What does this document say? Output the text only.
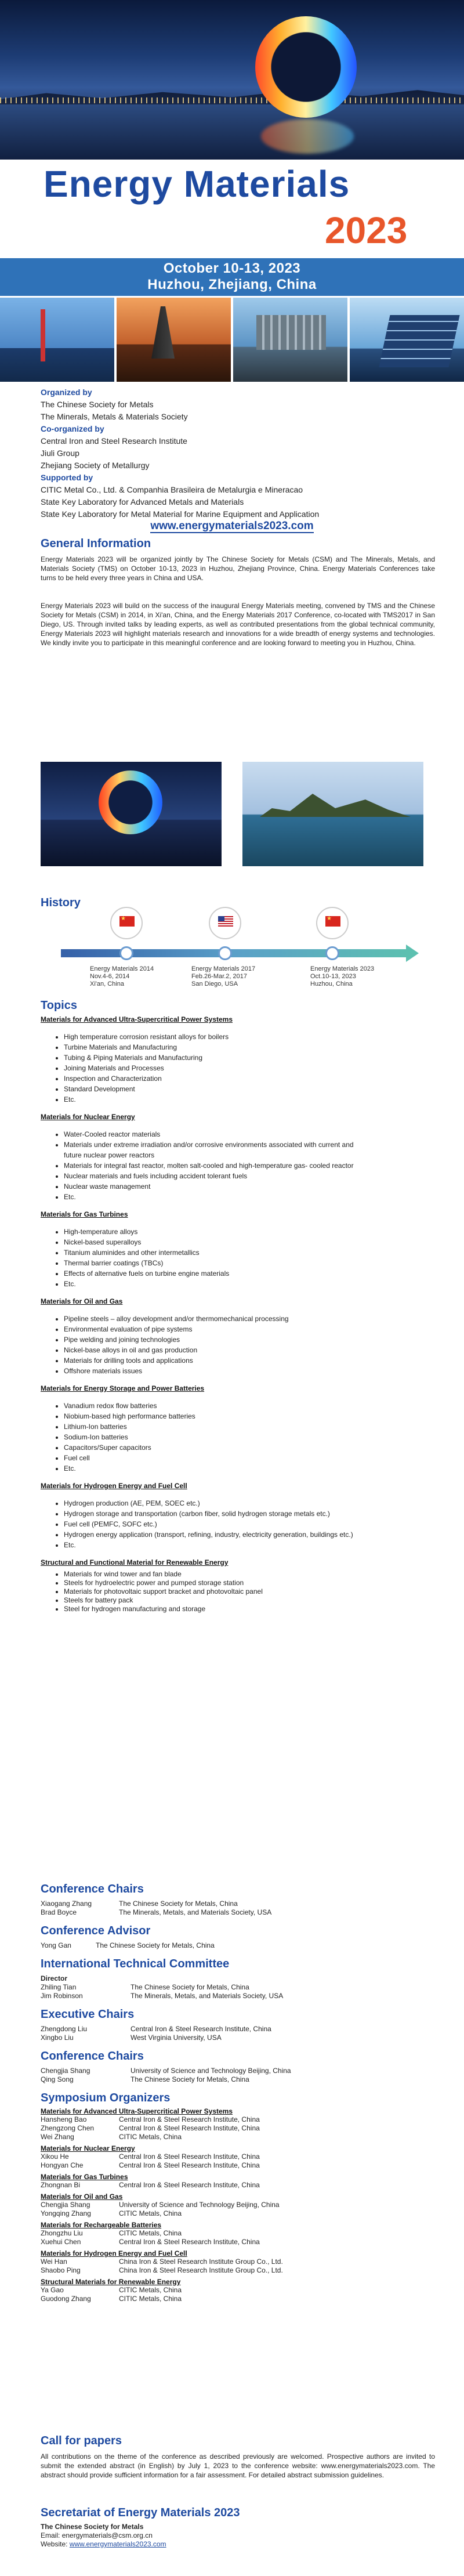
Energy Materials
2023
October 10-13, 2023
Huzhou, Zhejiang, China
Organized by
The Chinese Society for Metals
The Minerals, Metals & Materials Society
Co-organized by
Central Iron and Steel Research Institute
Jiuli Group
Zhejiang Society of Metallurgy
Supported by
CITIC Metal Co., Ltd. & Companhia Brasileira de Metalurgia e Mineracao
State Key Laboratory for Advanced Metals and Materials
State Key Laboratory for Metal Material for Marine Equipment and Application
www.energymaterials2023.com
General Information
Energy Materials 2023 will be organized jointly by The Chinese Society for Metals (CSM) and The Minerals, Metals, and Materials Society (TMS) on October 10-13, 2023 in Huzhou, Zhejiang Province, China. Energy Materials Conferences take turns to be held every three years in China and USA.
Energy Materials 2023 will build on the success of the inaugural Energy Materials meeting, convened by TMS and the Chinese Society for Metals (CSM) in 2014, in Xi'an, China, and the Energy Materials 2017 Conference, co-located with TMS2017 in San Diego, US. Through invited talks by leading experts, as well as contributed presentations from the global technical community, Energy Materials 2023 will highlight materials research and innovations for a wide breadth of energy systems and technologies. We kindly invite you to participate in this meaningful conference and are looking forward to meeting you in Huzhou, China.
History
★
★
Energy Materials 2014
Nov.4-6, 2014
Xi'an, China
Energy Materials 2017
Feb.26-Mar.2, 2017
San Diego, USA
Energy Materials 2023
Oct.10-13, 2023
Huzhou, China
Topics
Materials for Advanced Ultra-Supercritical Power Systems
• High temperature corrosion resistant alloys for boilers
• Turbine Materials and Manufacturing
• Tubing & Piping Materials and Manufacturing
• Joining Materials and Processes
• Inspection and Characterization
• Standard Development
• Etc.
Materials for Nuclear Energy
• Water-Cooled reactor materials
• Materials under extreme irradiation and/or corrosive environments associated with current and future nuclear power reactors
• Materials for integral fast reactor, molten salt-cooled and high-temperature gas- cooled reactor
• Nuclear materials and fuels including accident tolerant fuels
• Nuclear waste management
• Etc.
Materials for Gas Turbines
• High-temperature alloys
• Nickel-based superalloys
• Titanium aluminides and other intermetallics
• Thermal barrier coatings (TBCs)
• Effects of alternative fuels on turbine engine materials
• Etc.
Materials for Oil and Gas
• Pipeline steels – alloy development and/or thermomechanical processing
• Environmental evaluation of pipe systems
• Pipe welding and joining technologies
• Nickel-base alloys in oil and gas production
• Materials for drilling tools and applications
• Offshore materials issues
Materials for Energy Storage and Power Batteries
• Vanadium redox flow batteries
• Niobium-based high performance batteries
• Lithium-Ion batteries
• Sodium-Ion batteries
• Capacitors/Super capacitors
• Fuel cell
• Etc.
Materials for Hydrogen Energy and Fuel Cell
• Hydrogen production (AE, PEM, SOEC etc.)
• Hydrogen storage and transportation (carbon fiber, solid hydrogen storage metals etc.)
• Fuel cell (PEMFC, SOFC etc.)
• Hydrogen energy application (transport, refining, industry, electricity generation, buildings etc.)
• Etc.
Structural and Functional Material for Renewable Energy
• Materials for wind tower and fan blade
• Steels for hydroelectric power and pumped storage station
• Materials for photovoltaic support bracket and photovoltaic panel
• Steels for battery pack
• Steel for hydrogen manufacturing and storage
Conference Chairs
Xiaogang Zhang	The Chinese Society for Metals, China
Brad Boyce	The Minerals, Metals, and Materials Society, USA
Conference Advisor
Yong Gan	The Chinese Society for Metals, China
International Technical Committee
Director
Zhiling Tian	The Chinese Society for Metals, China
Jim Robinson	The Minerals, Metals, and Materials Society, USA
Executive Chairs
Zhengdong Liu	Central Iron & Steel Research Institute, China
Xingbo Liu	West Virginia University, USA
Conference Chairs
Chengjia Shang	University of Science and Technology Beijing, China
Qing Song	The Chinese Society for Metals, China
Symposium Organizers
Materials for Advanced Ultra-Supercritical Power Systems
Hansheng Bao	Central Iron & Steel Research Institute, China
Zhengzong Chen	Central Iron & Steel Research Institute, China
Wei Zhang	CITIC Metals, China
Materials for Nuclear Energy
Xikou He	Central Iron & Steel Research Institute, China
Hongyan Che	Central Iron & Steel Research Institute, China
Materials for Gas Turbines
Zhongnan Bi	Central Iron & Steel Research Institute, China
Materials for Oil and Gas
Chengjia Shang	University of Science and Technology Beijing, China
Yongqing Zhang	CITIC Metals, China
Materials for Rechargeable Batteries
Zhongzhu Liu	CITIC Metals, China
Xuehui Chen	Central Iron & Steel Research Institute, China
Materials for Hydrogen Energy and Fuel Cell
Wei Han	China Iron & Steel Research Institute Group Co., Ltd.
Shaobo Ping	China Iron & Steel Research Institute Group Co., Ltd.
Structural Materials for Renewable Energy
Ya Gao	CITIC Metals, China
Guodong Zhang	CITIC Metals, China
Call for papers
All contributions on the theme of the conference as described previously are welcomed. Prospective authors are invited to submit the extended abstract (in English) by July 1, 2023 to the conference website: www.energymaterials2023.com. The abstract should provide sufficient information for a fair assessment. For detailed abstract submission guidelines.
Secretariat of Energy Materials 2023
The Chinese Society for Metals
Email: energymaterials@csm.org.cn
Website: www.energymaterials2023.com
